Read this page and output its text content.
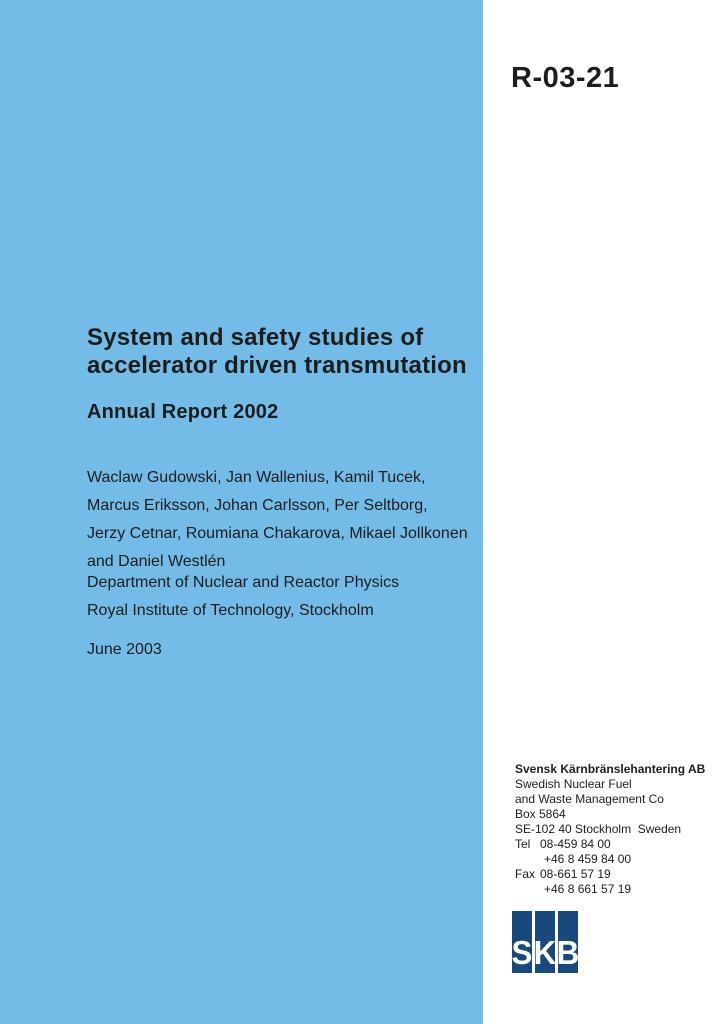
R-03-21
System and safety studies of
accelerator driven transmutation
Annual Report 2002
Waclaw Gudowski, Jan Wallenius, Kamil Tucek,
Marcus Eriksson, Johan Carlsson, Per Seltborg,
Jerzy Cetnar, Roumiana Chakarova, Mikael Jollkonen
and Daniel Westlén
Department of Nuclear and Reactor Physics
Royal Institute of Technology, Stockholm
June 2003
Svensk Kärnbränslehantering AB
Swedish Nuclear Fuel
and Waste Management Co
Box 5864
SE-102 40 Stockholm  Sweden
Tel 08-459 84 00
+46 8 459 84 00
Fax 08-661 57 19
+46 8 661 57 19
S K B
